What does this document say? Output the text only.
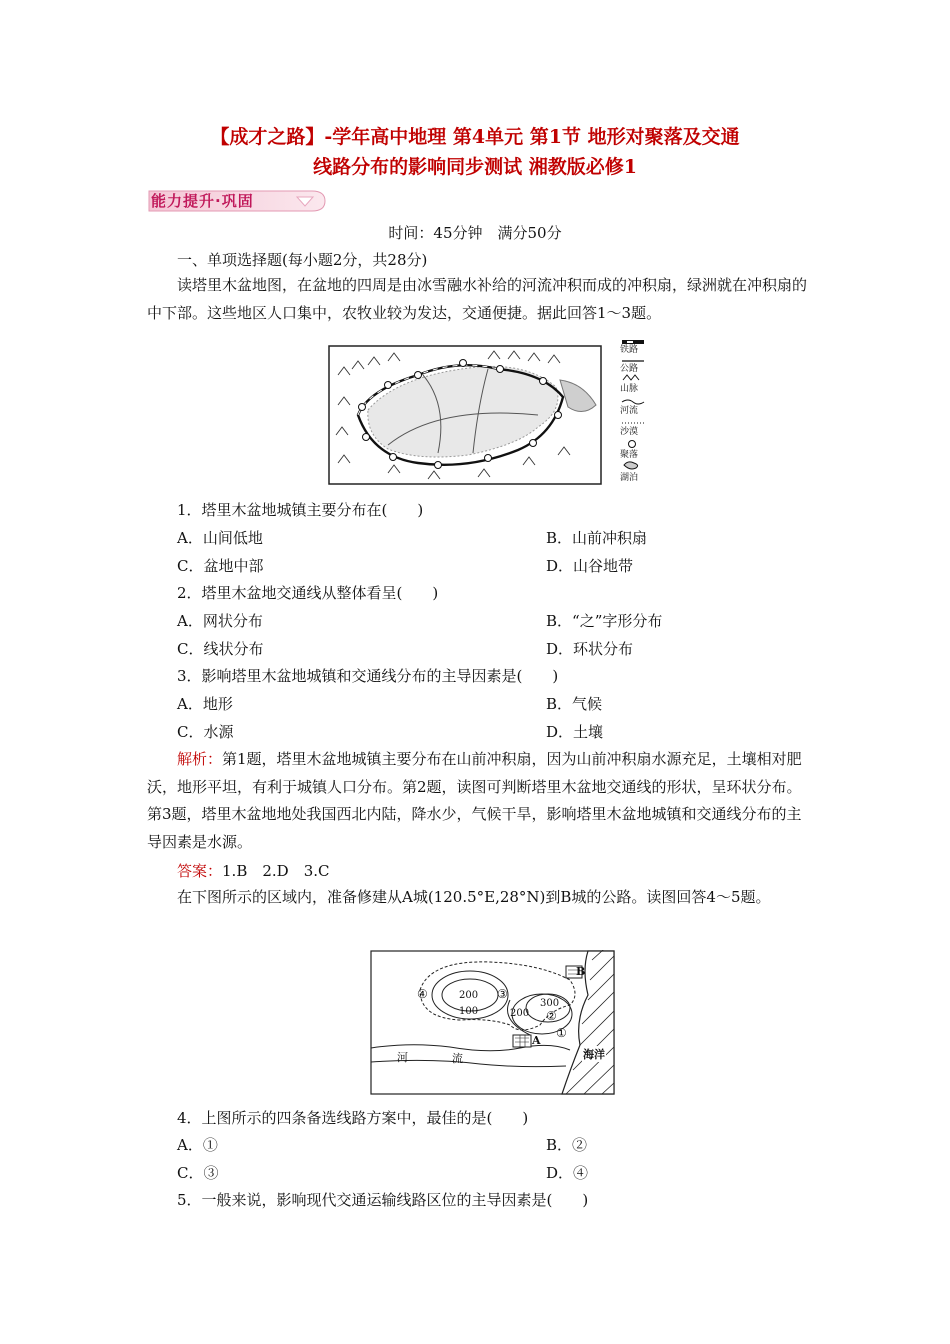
【成才之路】-学年高中地理 第4单元 第1节 地形对聚落及交通
线路分布的影响同步测试 湘教版必修1
能力提升·巩固
时间：45分钟　满分50分
一、单项选择题(每小题2分，共28分)
读塔里木盆地图，在盆地的四周是由冰雪融水补给的河流冲积而成的冲积扇，绿洲就在冲积扇的中下部。这些地区人口集中，农牧业较为发达，交通便捷。据此回答1～3题。
铁路
公路
山脉
河流
沙漠
聚落
湖泊
1．塔里木盆地城镇主要分布在(　　)
A．山间低地	B．山前冲积扇
C．盆地中部	D．山谷地带
2．塔里木盆地交通线从整体看呈(　　)
A．网状分布	B．“之”字形分布
C．线状分布	D．环状分布
3．影响塔里木盆地城镇和交通线分布的主导因素是(　　)
A．地形	B．气候
C．水源	D．土壤
解析：第1题，塔里木盆地城镇主要分布在山前冲积扇，因为山前冲积扇水源充足，土壤相对肥沃，地形平坦，有利于城镇人口分布。第2题，读图可判断塔里木盆地交通线的形状，呈环状分布。第3题，塔里木盆地地处我国西北内陆，降水少，气候干旱，影响塔里木盆地城镇和交通线分布的主导因素是水源。
答案：1.B　2.D　3.C
在下图所示的区域内，准备修建从A城(120.5°E,28°N)到B城的公路。读图回答4～5题。
200
100	200
300
①
②
③
④
A
B
河	流	海洋
4．上图所示的四条备选线路方案中，最佳的是(　　)
A．①	B．②
C．③	D．④
5．一般来说，影响现代交通运输线路区位的主导因素是(　　)
